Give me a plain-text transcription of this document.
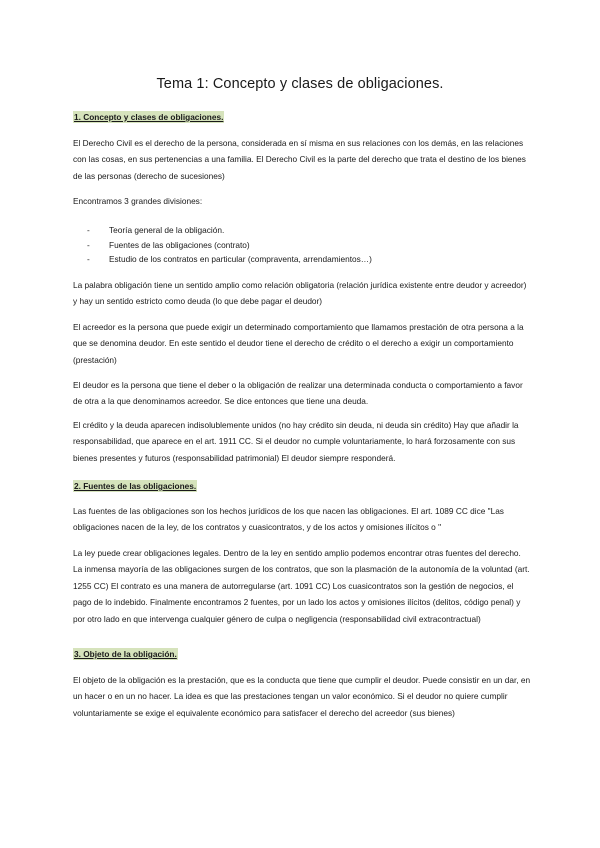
Tema 1: Concepto y clases de obligaciones.
1. Concepto y clases de obligaciones.

El Derecho Civil es el derecho de la persona, considerada en sí misma en sus relaciones con los demás, en las relaciones con las cosas, en sus pertenencias a una familia. El Derecho Civil es la parte del derecho que trata el destino de los bienes de las personas (derecho de sucesiones)

Encontramos 3 grandes divisiones:

- Teoría general de la obligación.
- Fuentes de las obligaciones (contrato)
- Estudio de los contratos en particular (compraventa, arrendamientos…)

La palabra obligación tiene un sentido amplio como relación obligatoria (relación jurídica existente entre deudor y acreedor) y hay un sentido estricto como deuda (lo que debe pagar el deudor)

El acreedor es la persona que puede exigir un determinado comportamiento que llamamos prestación de otra persona a la que se denomina deudor. En este sentido el deudor tiene el derecho de crédito o el derecho a exigir un comportamiento (prestación)

El deudor es la persona que tiene el deber o la obligación de realizar una determinada conducta o comportamiento a favor de otra a la que denominamos acreedor. Se dice entonces que tiene una deuda.

El crédito y la deuda aparecen indisolublemente unidos (no hay crédito sin deuda, ni deuda sin crédito) Hay que añadir la responsabilidad, que aparece en el art. 1911 CC. Si el deudor no cumple voluntariamente, lo hará forzosamente con sus bienes presentes y futuros (responsabilidad patrimonial) El deudor siempre responderá.

2. Fuentes de las obligaciones.

Las fuentes de las obligaciones son los hechos jurídicos de los que nacen las obligaciones. El art. 1089 CC dice "Las obligaciones nacen de la ley, de los contratos y cuasicontratos, y de los actos y omisiones ilícitos o "

La ley puede crear obligaciones legales. Dentro de la ley en sentido amplio podemos encontrar otras fuentes del derecho. La inmensa mayoría de las obligaciones surgen de los contratos, que son la plasmación de la autonomía de la voluntad (art. 1255 CC) El contrato es una manera de autorregularse (art. 1091 CC) Los cuasicontratos son la gestión de negocios, el pago de lo indebido. Finalmente encontramos 2 fuentes, por un lado los actos y omisiones ilícitos (delitos, código penal) y por otro lado en que intervenga cualquier género de culpa o negligencia (responsabilidad civil extracontractual)

3. Objeto de la obligación.

El objeto de la obligación es la prestación, que es la conducta que tiene que cumplir el deudor. Puede consistir en un dar, en un hacer o en un no hacer. La idea es que las prestaciones tengan un valor económico. Si el deudor no quiere cumplir voluntariamente se exige el equivalente económico para satisfacer el derecho del acreedor (sus bienes)
